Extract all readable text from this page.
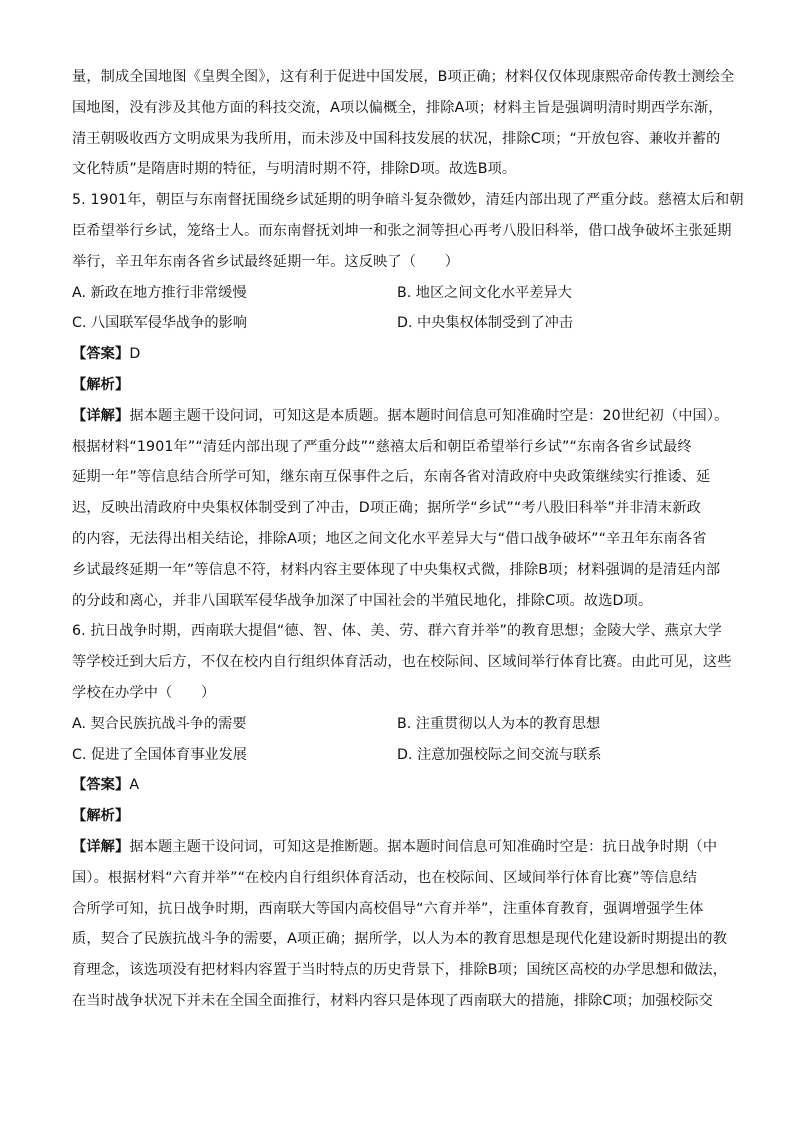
量，制成全国地图《皇舆全图》，这有利于促进中国发展，B项正确；材料仅仅体现康熙帝命传教士测绘全
国地图，没有涉及其他方面的科技交流，A项以偏概全，排除A项；材料主旨是强调明清时期西学东渐，
清王朝吸收西方文明成果为我所用，而未涉及中国科技发展的状况，排除C项；“开放包容、兼收并蓄的
文化特质”是隋唐时期的特征，与明清时期不符，排除D项。故选B项。
5. 1901年，朝臣与东南督抚围绕乡试延期的明争暗斗复杂微妙，清廷内部出现了严重分歧。慈禧太后和朝
臣希望举行乡试，笼络士人。而东南督抚刘坤一和张之洞等担心再考八股旧科举，借口战争破坏主张延期
举行，辛丑年东南各省乡试最终延期一年。这反映了（　　）
A. 新政在地方推行非常缓慢	B. 地区之间文化水平差异大
C. 八国联军侵华战争的影响	D. 中央集权体制受到了冲击
【答案】D
【解析】
【详解】据本题主题干设问词，可知这是本质题。据本题时间信息可知准确时空是：20世纪初（中国）。
根据材料“1901年”“清廷内部出现了严重分歧”“慈禧太后和朝臣希望举行乡试”“东南各省乡试最终
延期一年”等信息结合所学可知，继东南互保事件之后，东南各省对清政府中央政策继续实行推诿、延
迟，反映出清政府中央集权体制受到了冲击，D项正确；据所学“乡试”“考八股旧科举”并非清末新政
的内容，无法得出相关结论，排除A项；地区之间文化水平差异大与“借口战争破坏”“辛丑年东南各省
乡试最终延期一年”等信息不符，材料内容主要体现了中央集权式微，排除B项；材料强调的是清廷内部
的分歧和离心，并非八国联军侵华战争加深了中国社会的半殖民地化，排除C项。故选D项。
6. 抗日战争时期，西南联大提倡“德、智、体、美、劳、群六育并举”的教育思想；金陵大学、燕京大学
等学校迁到大后方，不仅在校内自行组织体育活动，也在校际间、区域间举行体育比赛。由此可见，这些
学校在办学中（　　）
A. 契合民族抗战斗争的需要	B. 注重贯彻以人为本的教育思想
C. 促进了全国体育事业发展	D. 注意加强校际之间交流与联系
【答案】A
【解析】
【详解】据本题主题干设问词，可知这是推断题。据本题时间信息可知准确时空是：抗日战争时期（中
国）。根据材料“六育并举”“在校内自行组织体育活动，也在校际间、区域间举行体育比赛”等信息结
合所学可知，抗日战争时期，西南联大等国内高校倡导“六育并举”，注重体育教育，强调增强学生体
质，契合了民族抗战斗争的需要，A项正确；据所学，以人为本的教育思想是现代化建设新时期提出的教
育理念，该选项没有把材料内容置于当时特点的历史背景下，排除B项；国统区高校的办学思想和做法，
在当时战争状况下并未在全国全面推行，材料内容只是体现了西南联大的措施，排除C项；加强校际交
